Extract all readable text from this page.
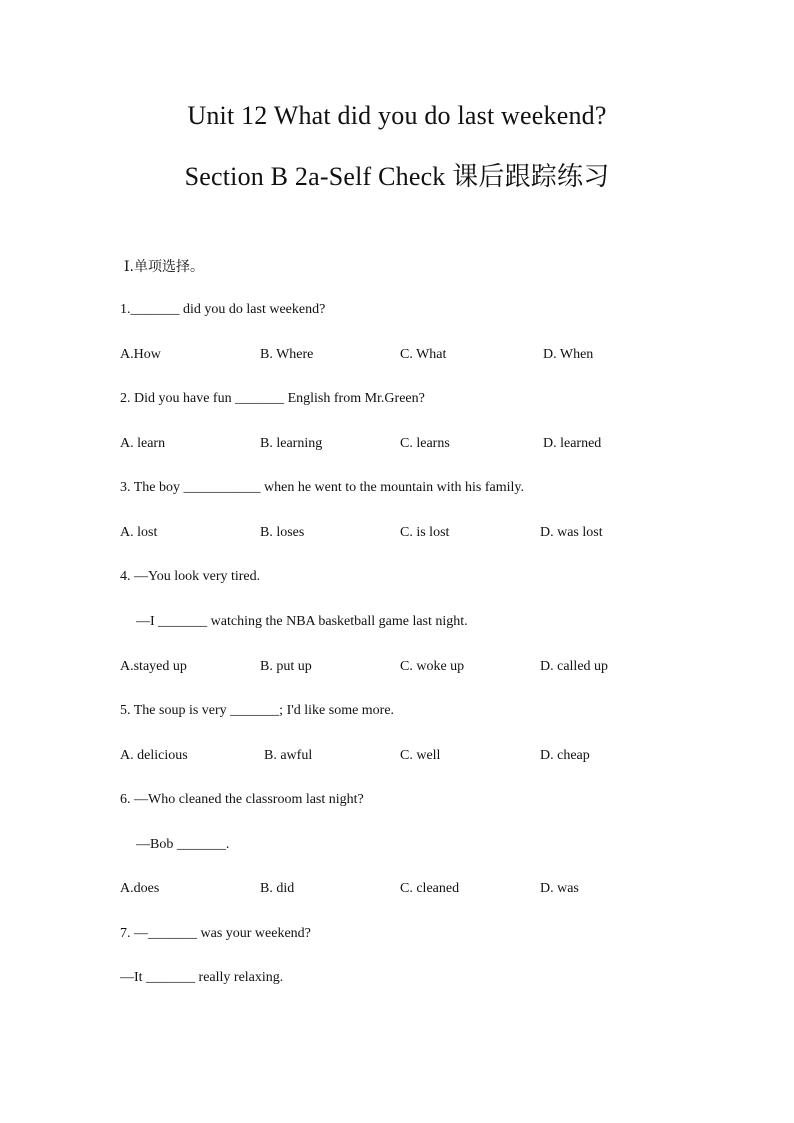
Unit 12 What did you do last weekend?
Section B 2a-Self Check 课后跟踪练习
Ⅰ.单项选择。
1._______ did you do last weekend?
A.How	B. Where	C. What	D. When
2. Did you have fun _______ English from Mr.Green?
A. learn	B. learning	C. learns	D. learned
3. The boy ___________ when he went to the mountain with his family.
A. lost	B. loses	C. is lost	D. was lost
4. —You look very tired.
—I _______ watching the NBA basketball game last night.
A.stayed up	B. put up	C. woke up	D. called up
5. The soup is very _______; I'd like some more.
A. delicious	B. awful	C. well	D. cheap
6. —Who cleaned the classroom last night?
—Bob _______.
A.does	B. did	C. cleaned	D. was
7. —_______ was your weekend?
—It _______ really relaxing.
